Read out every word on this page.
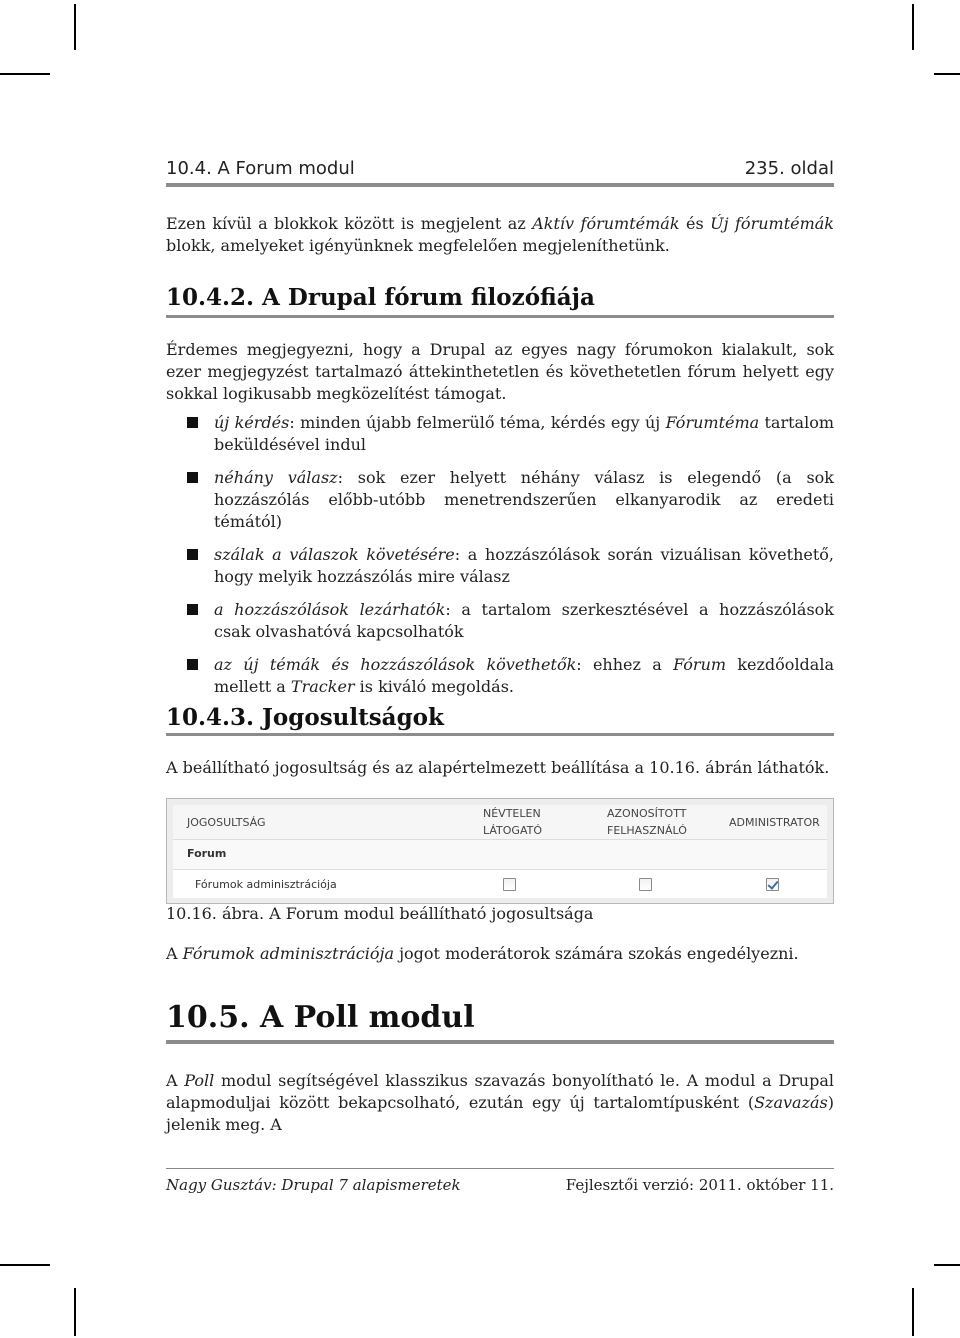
10.4. A Forum modul	235. oldal

Ezen kívül a blokkok között is megjelent az Aktív fórumtémák és Új fórumtémák blokk, amelyeket igényünknek megfelelően megjeleníthetünk.

10.4.2. A Drupal fórum filozófiája

Érdemes megjegyezni, hogy a Drupal az egyes nagy fórumokon kialakult, sok ezer megjegyzést tartalmazó áttekinthetetlen és követhetetlen fórum helyett egy sokkal logikusabb megközelítést támogat.

új kérdés: minden újabb felmerülő téma, kérdés egy új Fórumtéma tartalom beküldésével indul
néhány válasz: sok ezer helyett néhány válasz is elegendő (a sok hozzászólás előbb-utóbb menetrendszerűen elkanyarodik az eredeti témától)
szálak a válaszok követésére: a hozzászólások során vizuálisan követhető, hogy melyik hozzászólás mire válasz
a hozzászólások lezárhatók: a tartalom szerkesztésével a hozzászólások csak olvashatóvá kapcsolhatók
az új témák és hozzászólások követhetők: ehhez a Fórum kezdőoldala mellett a Tracker is kiváló megoldás.
10.4.3. Jogosultságok

A beállítható jogosultság és az alapértelmezett beállítása a 10.16. ábrán láthatók.

JOGOSULTSÁG
NÉVTELEN
LÁTOGATÓ
AZONOSÍTOTT
FELHASZNÁLÓ
ADMINISTRATOR
Forum
Fórumok adminisztrációja
10.16. ábra. A Forum modul beállítható jogosultsága

A Fórumok adminisztrációja jogot moderátorok számára szokás engedélyezni.

10.5. A Poll modul

A Poll modul segítségével klasszikus szavazás bonyolítható le. A modul a Drupal alapmoduljai között bekapcsolható, ezután egy új tartalomtípusként (Szavazás) jelenik meg. A

Nagy Gusztáv: Drupal 7 alapismeretek	Fejlesztői verzió: 2011. október 11.
